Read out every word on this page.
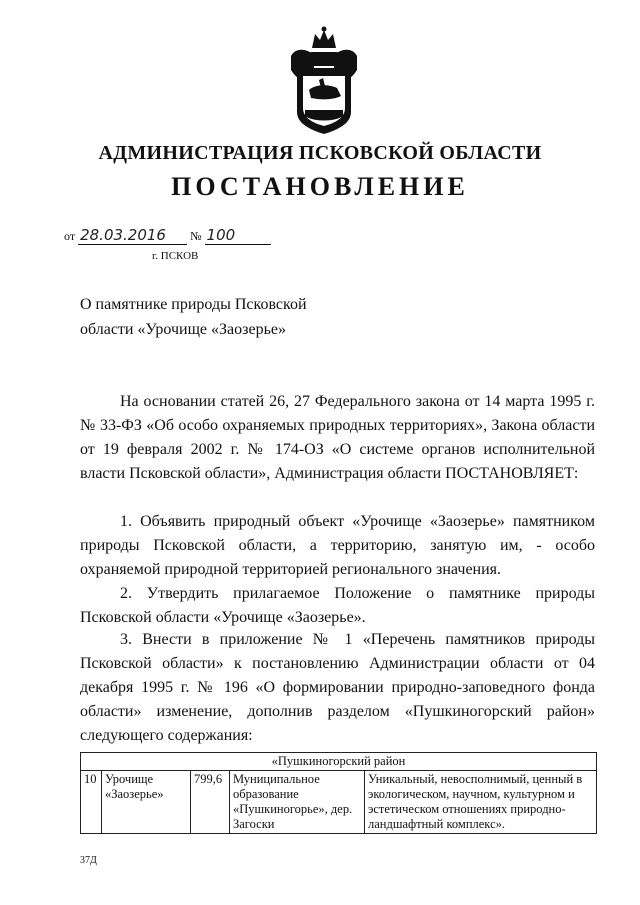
АДМИНИСТРАЦИЯ ПСКОВСКОЙ ОБЛАСТИ
ПОСТАНОВЛЕНИЕ
от 28.03.2016 № 100
г. ПСКОВ
О памятнике природы Псковской
области «Урочище «Заозерье»
На основании статей 26, 27 Федерального закона от 14 марта 1995 г. № 33-ФЗ «Об особо охраняемых природных территориях», Закона области от 19 февраля 2002 г. № 174-ОЗ «О системе органов исполнительной власти Псковской области», Администрация области ПОСТАНОВЛЯЕТ:
1. Объявить природный объект «Урочище «Заозерье» памятником природы Псковской области, а территорию, занятую им, - особо охраняемой природной территорией регионального значения.
2. Утвердить прилагаемое Положение о памятнике природы Псковской области «Урочище «Заозерье».
3. Внести в приложение № 1 «Перечень памятников природы Псковской области» к постановлению Администрации области от 04 декабря 1995 г. № 196 «О формировании природно-заповедного фонда области» изменение, дополнив разделом «Пушкиногорский район» следующего содержания:
«Пушкиногорский район
10	Урочище «Заозерье»	799,6	Муниципальное образование «Пушкиногорье», дер. Загоски	Уникальный, невосполнимый, ценный в экологическом, научном, культурном и эстетическом отношениях природно-ландшафтный комплекс».
37Д
